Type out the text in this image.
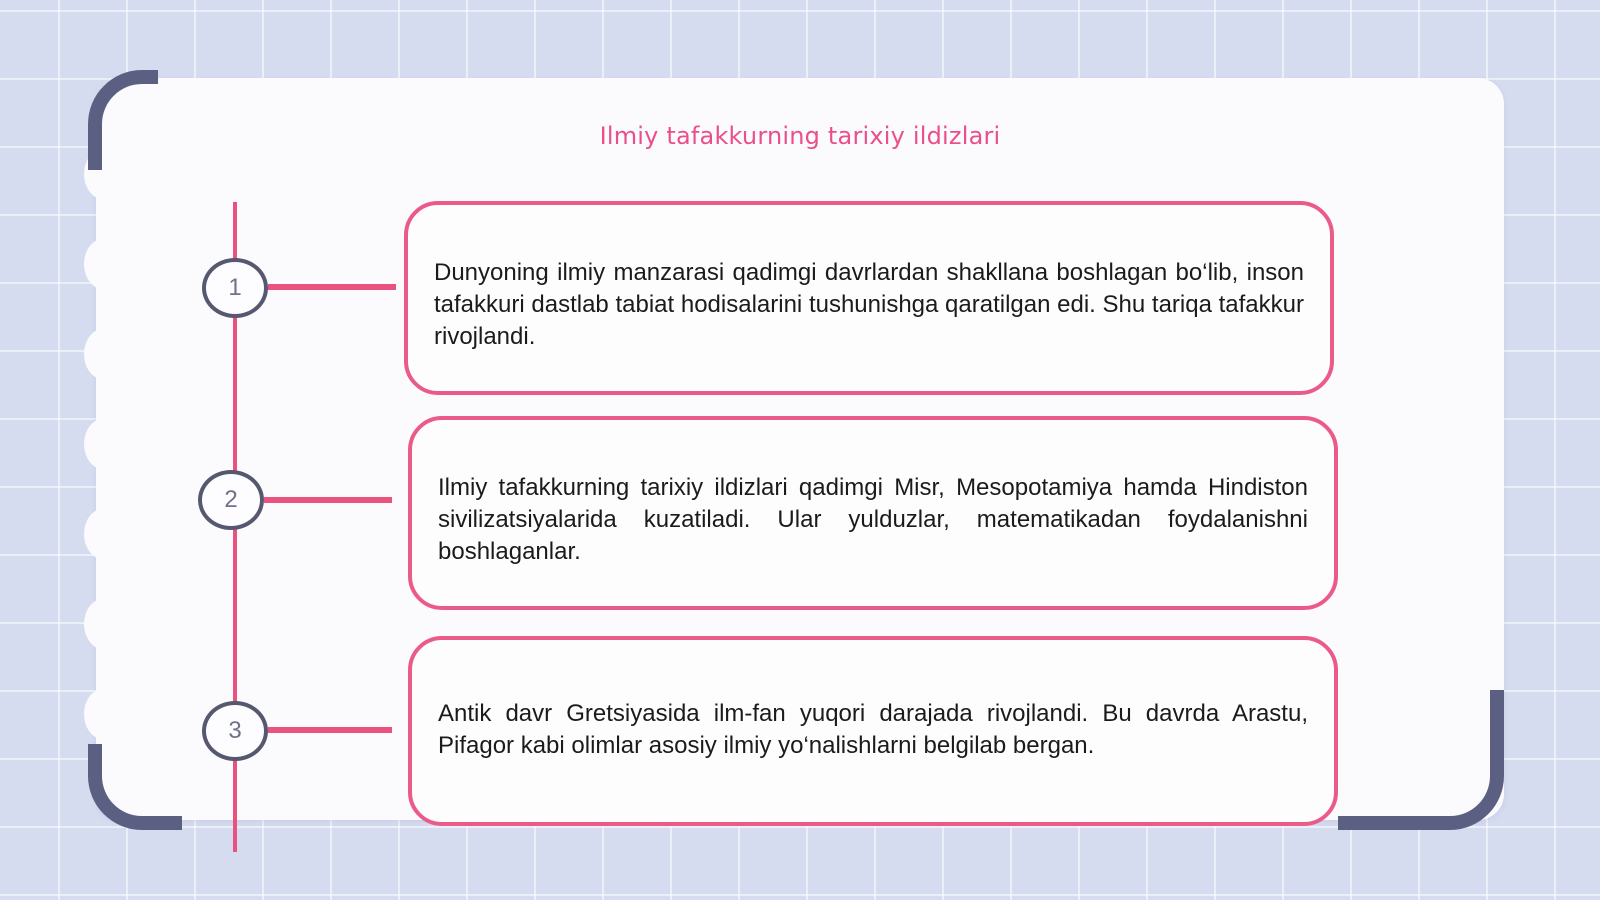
Ilmiy tafakkurning tarixiy ildizlari
1
2
3

Dunyoning ilmiy manzarasi qadimgi davrlardan shakllana boshlagan bo‘lib, inson tafakkuri dastlab tabiat hodisalarini tushunishga qaratilgan edi. Shu tariqa tafakkur rivojlandi.

Ilmiy tafakkurning tarixiy ildizlari qadimgi Misr, Mesopotamiya hamda Hindiston sivilizatsiyalarida kuzatiladi. Ular yulduzlar, matematikadan foydalanishni boshlaganlar.

Antik davr Gretsiyasida ilm-fan yuqori darajada rivojlandi. Bu davrda Arastu, Pifagor kabi olimlar asosiy ilmiy yo‘nalishlarni belgilab bergan.
